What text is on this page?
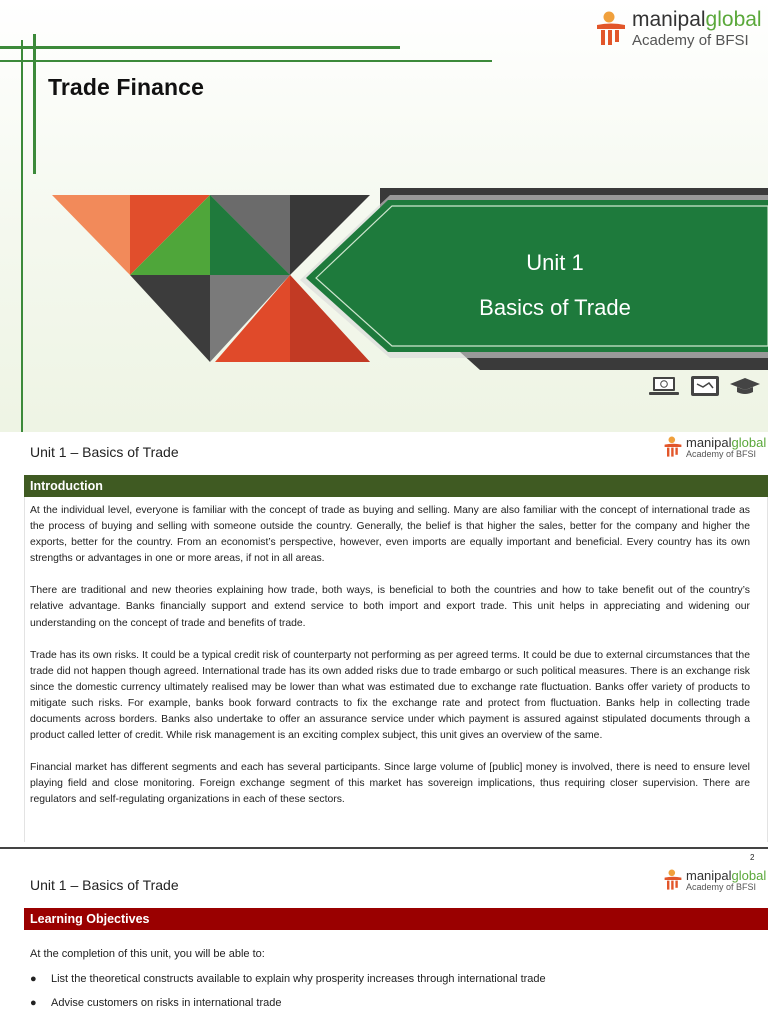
Trade Finance
manipalglobal
Academy of BFSI
Unit 1
Basics of Trade
Unit 1 – Basics of Trade
manipalglobal
Academy of BFSI
Introduction

At the individual level, everyone is familiar with the concept of trade as buying and selling. Many are also familiar with the concept of international trade as the process of buying and selling with someone outside the country. Generally, the belief is that higher the sales, better for the company and higher the exports, better for the country. From an economist’s perspective, however, even imports are equally important and beneficial. Every country has its own strengths or advantages in one or more areas, if not in all areas.

There are traditional and new theories explaining how trade, both ways, is beneficial to both the countries and how to take benefit out of the country’s relative advantage. Banks financially support and extend service to both import and export trade. This unit helps in appreciating and widening our understanding on the concept of trade and benefits of trade.

Trade has its own risks. It could be a typical credit risk of counterparty not performing as per agreed terms. It could be due to external circumstances that the trade did not happen though agreed. International trade has its own added risks due to trade embargo or such political measures. There is an exchange risk since the domestic currency ultimately realised may be lower than what was estimated due to exchange rate fluctuation. Banks offer variety of products to mitigate such risks. For example, banks book forward contracts to fix the exchange rate and protect from fluctuation. Banks help in collecting trade documents across borders. Banks also undertake to offer an assurance service under which payment is assured against stipulated documents through a product called letter of credit. While risk management is an exciting complex subject, this unit gives an overview of the same.

Financial market has different segments and each has several participants. Since large volume of [public] money is involved, there is need to ensure level playing field and close monitoring. Foreign exchange segment of this market has sovereign implications, thus requiring closer supervision. There are regulators and self-regulating organizations in each of these sectors.

2
Unit 1 – Basics of Trade
manipalglobal
Academy of BFSI
Learning Objectives
At the completion of this unit, you will be able to:
●	List the theoretical constructs available to explain why prosperity increases through international trade
●	Advise customers on risks in international trade
